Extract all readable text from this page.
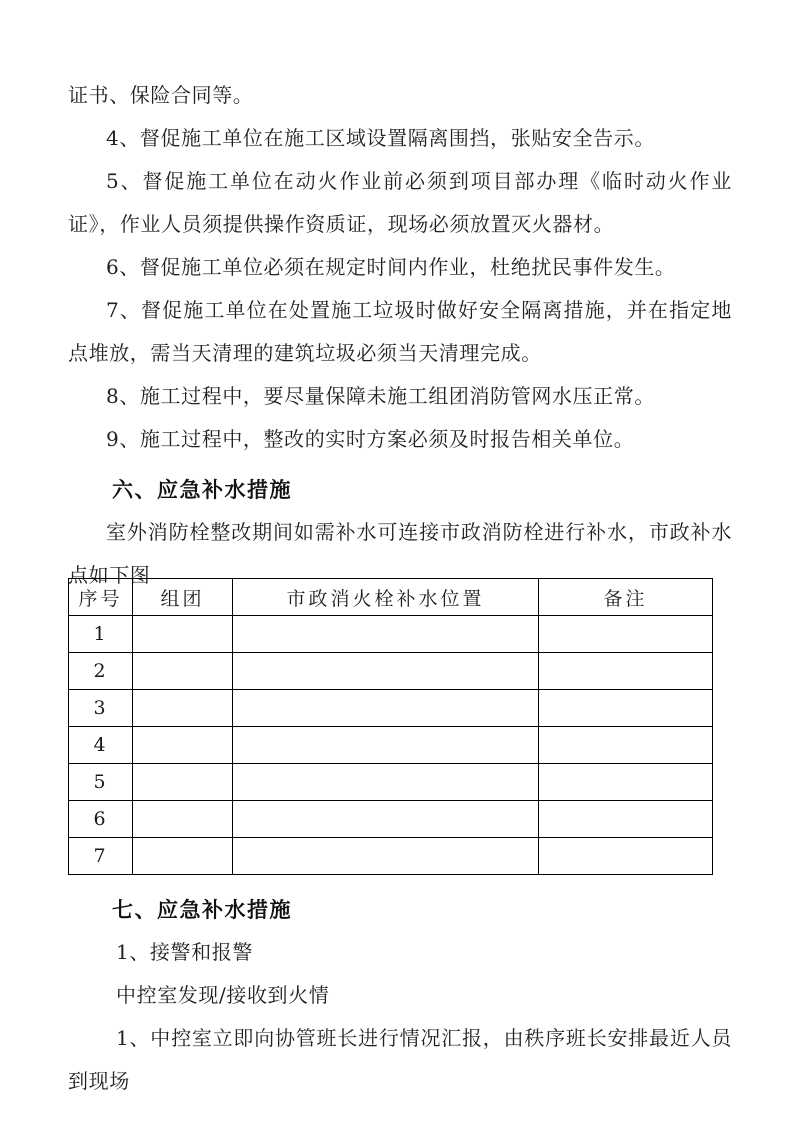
证书、保险合同等。

4、督促施工单位在施工区域设置隔离围挡，张贴安全告示。

5、督促施工单位在动火作业前必须到项目部办理《临时动火作业证》，作业人员须提供操作资质证，现场必须放置灭火器材。

6、督促施工单位必须在规定时间内作业，杜绝扰民事件发生。

7、督促施工单位在处置施工垃圾时做好安全隔离措施，并在指定地点堆放，需当天清理的建筑垃圾必须当天清理完成。

8、施工过程中，要尽量保障未施工组团消防管网水压正常。

9、施工过程中，整改的实时方案必须及时报告相关单位。

六、应急补水措施

室外消防栓整改期间如需补水可连接市政消防栓进行补水，市政补水点如下图

序号	组团	市政消火栓补水位置	备注
1			
2			
3			
4			
5			
6			
7			
七、应急补水措施

1、接警和报警

中控室发现/接收到火情

1、中控室立即向协管班长进行情况汇报，由秩序班长安排最近人员到现场
